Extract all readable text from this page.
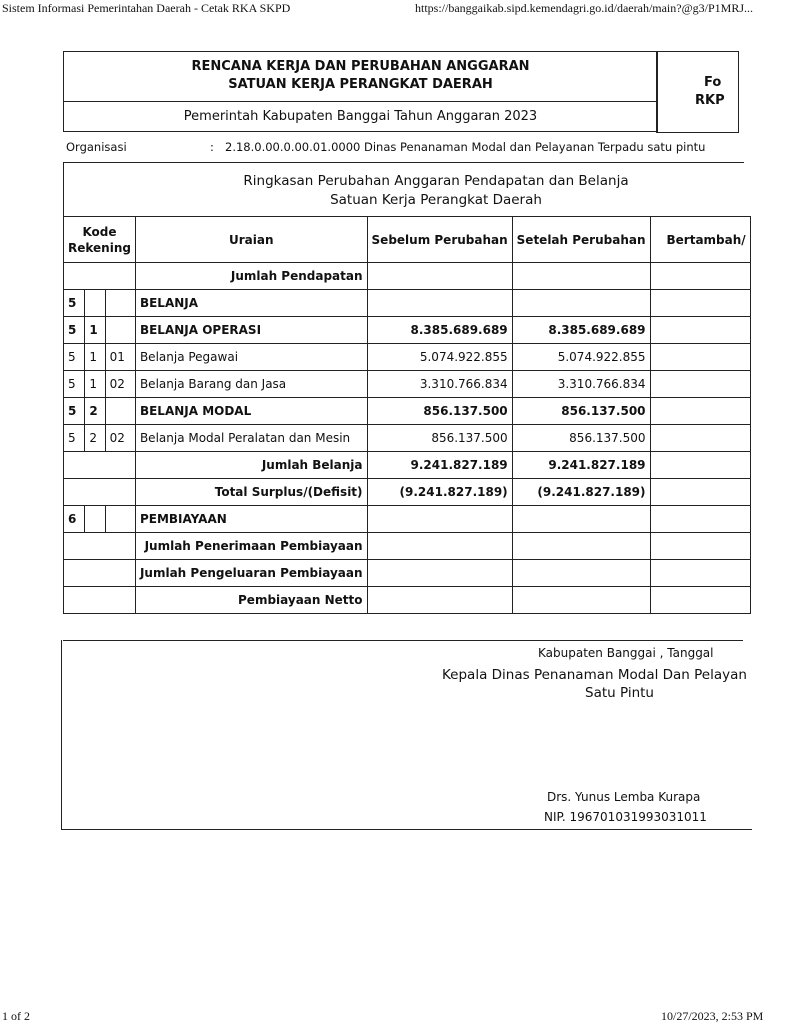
Sistem Informasi Pemerintahan Daerah - Cetak RKA SKPD	https://banggaikab.sipd.kemendagri.go.id/daerah/main?@g3/P1MRJ...
RENCANA KERJA DAN PERUBAHAN ANGGARAN
SATUAN KERJA PERANGKAT DAERAH
Pemerintah Kabupaten Banggai Tahun Anggaran 2023
Fo
RKP
Organisasi	: 2.18.0.00.0.00.01.0000 Dinas Penanaman Modal dan Pelayanan Terpadu satu pintu
Ringkasan Perubahan Anggaran Pendapatan dan Belanja
Satuan Kerja Perangkat Daerah
Kode Rekening			Uraian	Sebelum Perubahan	Setelah Perubahan	Bertambah/
			Jumlah Pendapatan			
5			BELANJA			
5	1		BELANJA OPERASI	8.385.689.689	8.385.689.689	
5	1	01	Belanja Pegawai	5.074.922.855	5.074.922.855	
5	1	02	Belanja Barang dan Jasa	3.310.766.834	3.310.766.834	
5	2		BELANJA MODAL	856.137.500	856.137.500	
5	2	02	Belanja Modal Peralatan dan Mesin	856.137.500	856.137.500	
			Jumlah Belanja	9.241.827.189	9.241.827.189	
			Total Surplus/(Defisit)	(9.241.827.189)	(9.241.827.189)	
6			PEMBIAYAAN			
			Jumlah Penerimaan Pembiayaan			
			Jumlah Pengeluaran Pembiayaan			
			Pembiayaan Netto			
Kabupaten Banggai , Tanggal
Kepala Dinas Penanaman Modal Dan Pelayan
Satu Pintu
Drs. Yunus Lemba Kurapa
NIP. 196701031993031011
1 of 2	10/27/2023, 2:53 PM
